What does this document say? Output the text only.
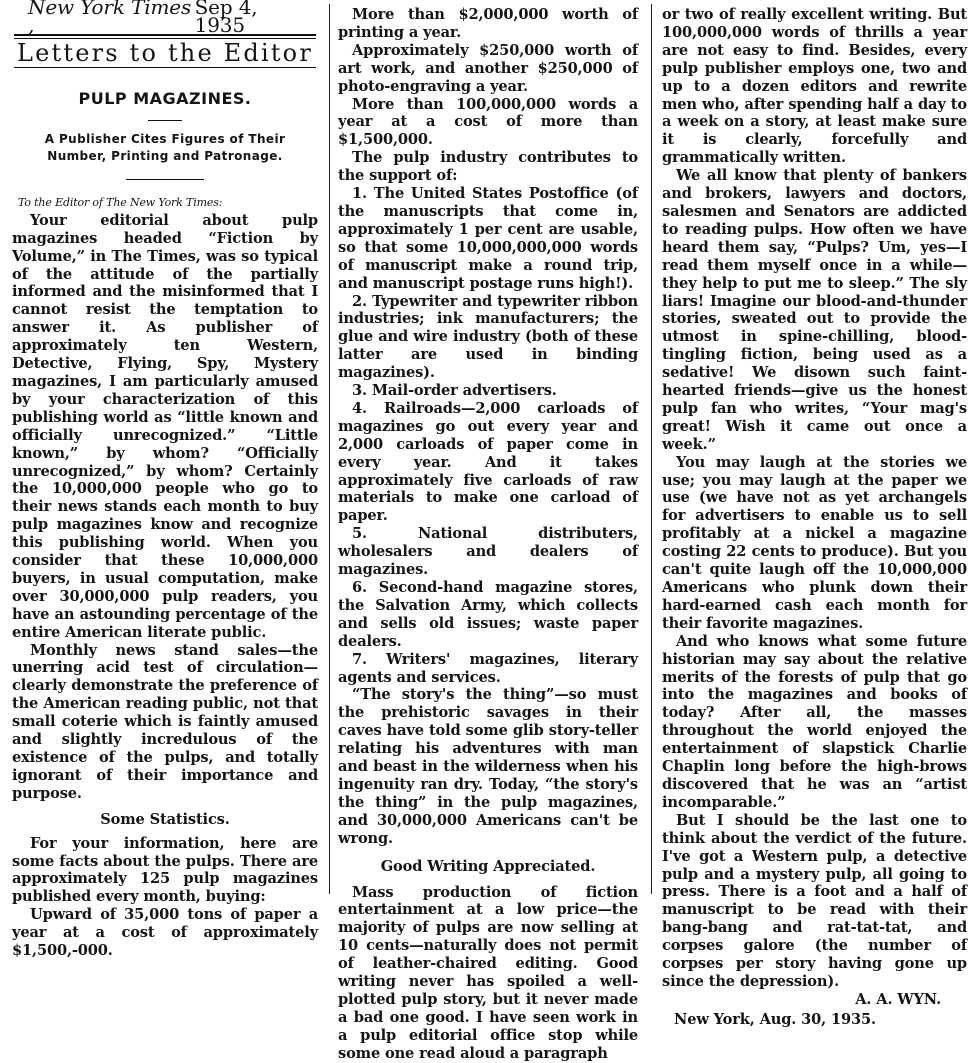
New York Times ,
Sep 4, 1935
Letters to the Editor
PULP MAGAZINES.
A Publisher Cites Figures of Their Number, Printing and Patronage.
To the Editor of The New York Times:

Your editorial about pulp magazines headed “Fiction by Volume,” in The Times, was so typical of the attitude of the partially informed and the misinformed that I cannot resist the temptation to answer it. As publisher of approximately ten Western, Detective, Flying, Spy, Mystery magazines, I am particularly amused by your characterization of this publishing world as “little known and officially unrecognized.” “Little known,” by whom? “Officially unrecognized,” by whom? Certainly the 10,000,000 people who go to their news stands each month to buy pulp magazines know and recognize this publishing world. When you consider that these 10,000,000 buyers, in usual computation, make over 30,000,000 pulp readers, you have an astounding percentage of the entire American literate public.

Monthly news stand sales—the unerring acid test of circulation—clearly demonstrate the preference of the American reading public, not that small coterie which is faintly amused and slightly incredulous of the existence of the pulps, and totally ignorant of their importance and purpose.

Some Statistics.

For your information, here are some facts about the pulps. There are approximately 125 pulp magazines published every month, buying:

Upward of 35,000 tons of paper a year at a cost of approximately $1,500,-000.

More than $2,000,000 worth of printing a year.

Approximately $250,000 worth of art work, and another $250,000 of photo-engraving a year.

More than 100,000,000 words a year at a cost of more than $1,500,000.

The pulp industry contributes to the support of:

1. The United States Postoffice (of the manuscripts that come in, approximately 1 per cent are usable, so that some 10,000,000,000 words of manuscript make a round trip, and manuscript postage runs high!).

2. Typewriter and typewriter ribbon industries; ink manufacturers; the glue and wire industry (both of these latter are used in binding magazines).

3. Mail-order advertisers.

4. Railroads—2,000 carloads of magazines go out every year and 2,000 carloads of paper come in every year. And it takes approximately five carloads of raw materials to make one carload of paper.

5. National distributers, wholesalers and dealers of magazines.

6. Second-hand magazine stores, the Salvation Army, which collects and sells old issues; waste paper dealers.

7. Writers' magazines, literary agents and services.

“The story's the thing”—so must the prehistoric savages in their caves have told some glib story-teller relating his adventures with man and beast in the wilderness when his ingenuity ran dry. Today, “the story's the thing” in the pulp magazines, and 30,000,000 Americans can't be wrong.

Good Writing Appreciated.

Mass production of fiction entertainment at a low price—the majority of pulps are now selling at 10 cents—naturally does not permit of leather-chaired editing. Good writing never has spoiled a well-plotted pulp story, but it never made a bad one good. I have seen work in a pulp editorial office stop while some one read aloud a paragraph

or two of really excellent writing. But 100,000,000 words of thrills a year are not easy to find. Besides, every pulp publisher employs one, two and up to a dozen editors and rewrite men who, after spending half a day to a week on a story, at least make sure it is clearly, forcefully and grammatically written.

We all know that plenty of bankers and brokers, lawyers and doctors, salesmen and Senators are addicted to reading pulps. How often we have heard them say, “Pulps? Um, yes—I read them myself once in a while—they help to put me to sleep.” The sly liars! Imagine our blood-and-thunder stories, sweated out to provide the utmost in spine-chilling, blood-tingling fiction, being used as a sedative! We disown such faint-hearted friends—give us the honest pulp fan who writes, “Your mag's great! Wish it came out once a week.”

You may laugh at the stories we use; you may laugh at the paper we use (we have not as yet archangels for advertisers to enable us to sell profitably at a nickel a magazine costing 22 cents to produce). But you can't quite laugh off the 10,000,000 Americans who plunk down their hard-earned cash each month for their favorite magazines.

And who knows what some future historian may say about the relative merits of the forests of pulp that go into the magazines and books of today? After all, the masses throughout the world enjoyed the entertainment of slapstick Charlie Chaplin long before the high-brows discovered that he was an “artist incomparable.”

But I should be the last one to think about the verdict of the future. I've got a Western pulp, a detective pulp and a mystery pulp, all going to press. There is a foot and a half of manuscript to be read with their bang-bang and rat-tat-tat, and corpses galore (the number of corpses per story having gone up since the depression).

A. A. WYN.
New York, Aug. 30, 1935.
